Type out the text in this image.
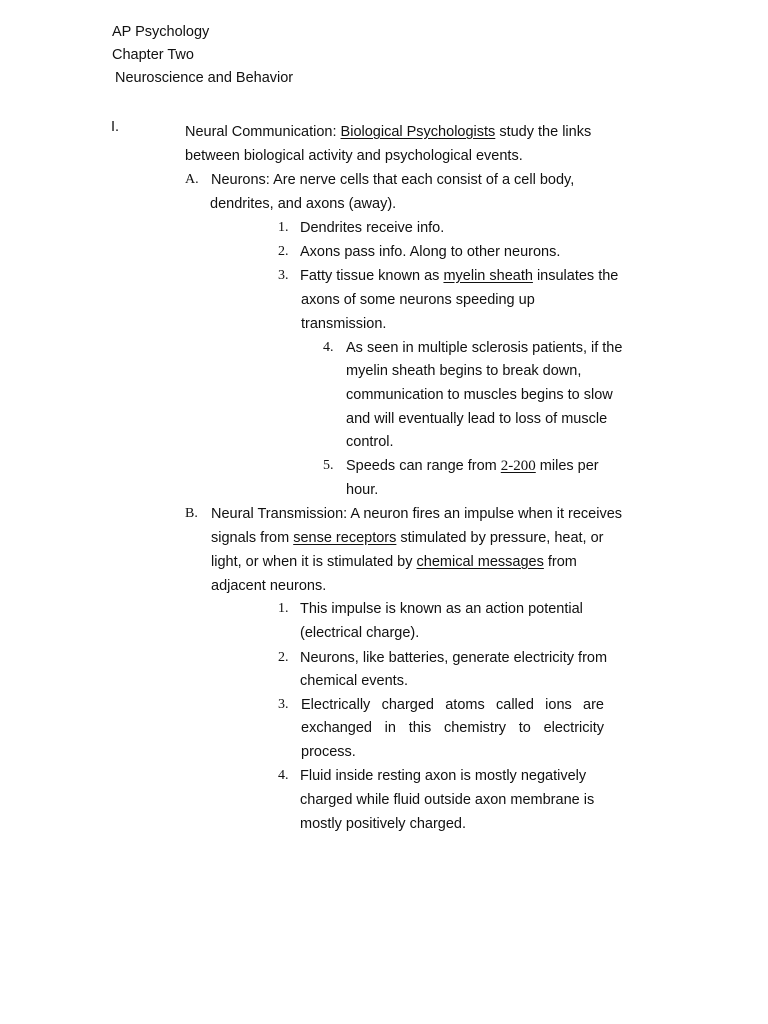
AP Psychology
Chapter Two
Neuroscience and Behavior
I.	Neural Communication: Biological Psychologists study the links
between biological activity and psychological events.
A. Neurons: Are nerve cells that each consist of a cell body,
dendrites, and axons (away).
1. Dendrites receive info.
2. Axons pass info. Along to other neurons.
3. Fatty tissue known as myelin sheath insulates the
axons of some neurons speeding up
transmission.
4. As seen in multiple sclerosis patients, if the
myelin sheath begins to break down,
communication to muscles begins to slow
and will eventually lead to loss of muscle
control.
5. Speeds can range from 2-200 miles per
hour.
B. Neural Transmission: A neuron fires an impulse when it receives
signals from sense receptors stimulated by pressure, heat, or
light, or when it is stimulated by chemical messages from
adjacent neurons.
1. This impulse is known as an action potential
(electrical charge).
2. Neurons, like batteries, generate electricity from
chemical events.
3. Electrically charged atoms called ions are
exchanged in this chemistry to electricity
process.
4. Fluid inside resting axon is mostly negatively
charged while fluid outside axon membrane is
mostly positively charged.
